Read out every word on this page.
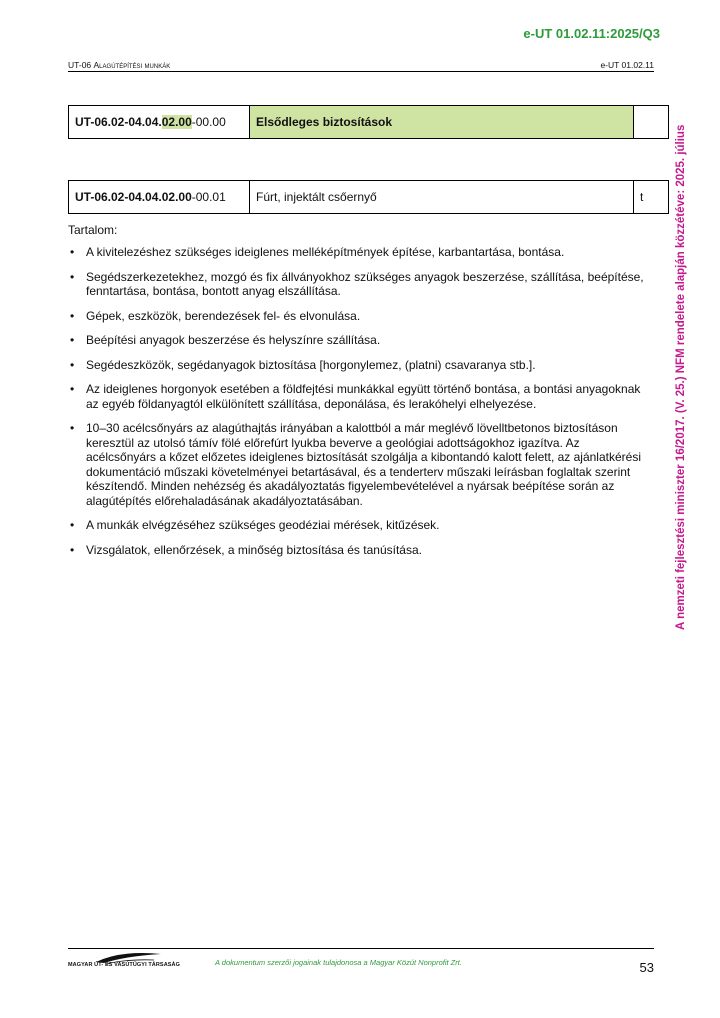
e-UT 01.02.11:2025/Q3
UT-06 Alagútépítési munkák	e-UT 01.02.11
A nemzeti fejlesztési miniszter 16/2017. (V. 25.) NFM rendelete alapján közzétéve: 2025. július
UT-06.02-04.04.02.00-00.00	Elsődleges biztosítások	
UT-06.02-04.04.02.00-00.01	Fúrt, injektált csőernyő	t
Tartalom:
• A kivitelezéshez szükséges ideiglenes melléképítmények építése, karbantartása, bontása.
• Segédszerkezetekhez, mozgó és fix állványokhoz szükséges anyagok beszerzése, szállítása, beépítése, fenntartása, bontása, bontott anyag elszállítása.
• Gépek, eszközök, berendezések fel- és elvonulása.
• Beépítési anyagok beszerzése és helyszínre szállítása.
• Segédeszközök, segédanyagok biztosítása [horgonylemez, (platni) csavaranya stb.].
• Az ideiglenes horgonyok esetében a földfejtési munkákkal együtt történő bontása, a bontási anyagoknak az egyéb földanyagtól elkülönített szállítása, deponálása, és lerakóhelyi elhelyezése.
• 10–30 acélcsőnyárs az alagúthajtás irányában a kalottból a már meglévő lövelltbetonos biztosításon keresztül az utolsó támív fölé előrefúrt lyukba beverve a geológiai adottságokhoz igazítva. Az acélcsőnyárs a kőzet előzetes ideiglenes biztosítását szolgálja a kibontandó kalott felett, az ajánlatkérési dokumentáció műszaki követelményei betartásával, és a tenderterv műszaki leírásban foglaltak szerint készítendő. Minden nehézség és akadályoztatás figyelembevételével a nyársak beépítése során az alagútépítés előrehaladásának akadályoztatásában.
• A munkák elvégzéséhez szükséges geodéziai mérések, kitűzések.
• Vizsgálatok, ellenőrzések, a minőség biztosítása és tanúsítása.
MAGYAR ÚT- ÉS VASÚTÜGYI TÁRSASÁG	A dokumentum szerzői jogainak tulajdonosa a Magyar Közút Nonprofit Zrt.	53
